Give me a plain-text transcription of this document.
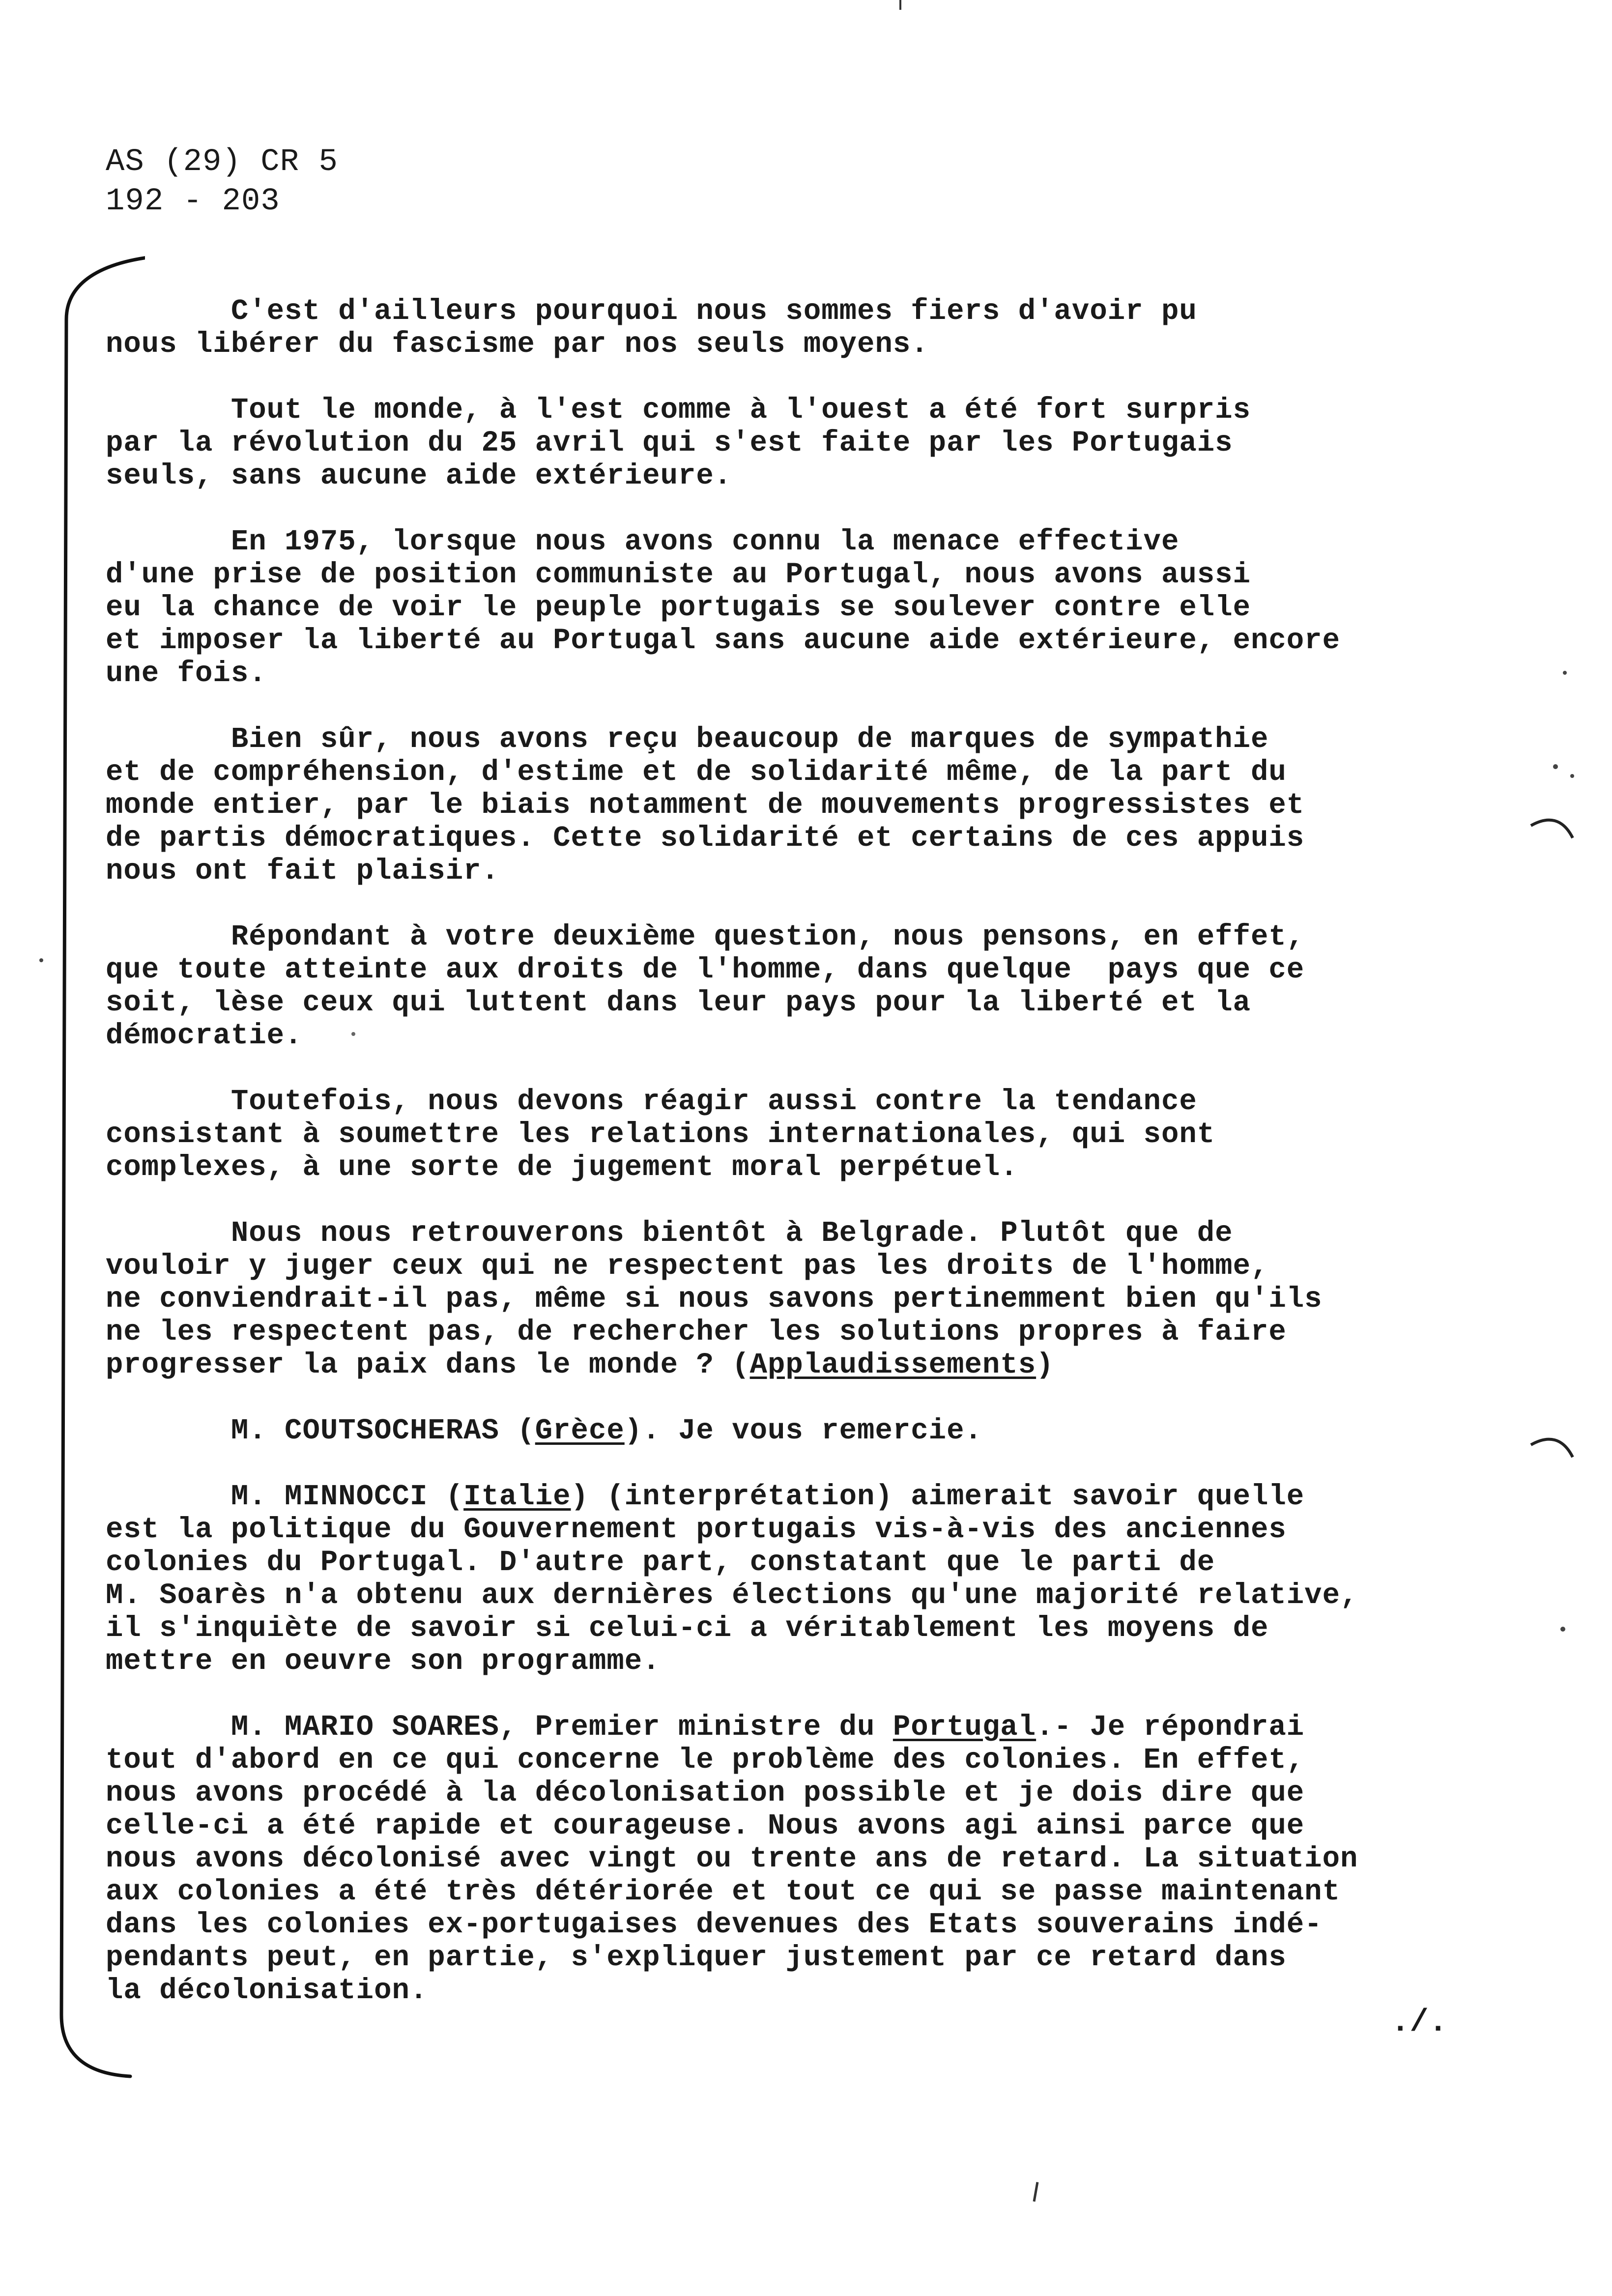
AS (29) CR 5
192 - 203
C'est d'ailleurs pourquoi nous sommes fiers d'avoir pu
nous libérer du fascisme par nos seuls moyens.
Tout le monde, à l'est comme à l'ouest a été fort surpris
par la révolution du 25 avril qui s'est faite par les Portugais
seuls, sans aucune aide extérieure.
En 1975, lorsque nous avons connu la menace effective
d'une prise de position communiste au Portugal, nous avons aussi
eu la chance de voir le peuple portugais se soulever contre elle
et imposer la liberté au Portugal sans aucune aide extérieure, encore
une fois.
Bien sûr, nous avons reçu beaucoup de marques de sympathie
et de compréhension, d'estime et de solidarité même, de la part du
monde entier, par le biais notamment de mouvements progressistes et
de partis démocratiques. Cette solidarité et certains de ces appuis
nous ont fait plaisir.
Répondant à votre deuxième question, nous pensons, en effet,
que toute atteinte aux droits de l'homme, dans quelque  pays que ce
soit, lèse ceux qui luttent dans leur pays pour la liberté et la
démocratie.
Toutefois, nous devons réagir aussi contre la tendance
consistant à soumettre les relations internationales, qui sont
complexes, à une sorte de jugement moral perpétuel.
Nous nous retrouverons bientôt à Belgrade. Plutôt que de
vouloir y juger ceux qui ne respectent pas les droits de l'homme,
ne conviendrait-il pas, même si nous savons pertinemment bien qu'ils
ne les respectent pas, de rechercher les solutions propres à faire
progresser la paix dans le monde ? (Applaudissements)
M. COUTSOCHERAS (Grèce). Je vous remercie.
M. MINNOCCI (Italie) (interprétation) aimerait savoir quelle
est la politique du Gouvernement portugais vis-à-vis des anciennes
colonies du Portugal. D'autre part, constatant que le parti de
M. Soarès n'a obtenu aux dernières élections qu'une majorité relative,
il s'inquiète de savoir si celui-ci a véritablement les moyens de
mettre en oeuvre son programme.
M. MARIO SOARES, Premier ministre du Portugal.- Je répondrai
tout d'abord en ce qui concerne le problème des colonies. En effet,
nous avons procédé à la décolonisation possible et je dois dire que
celle-ci a été rapide et courageuse. Nous avons agi ainsi parce que
nous avons décolonisé avec vingt ou trente ans de retard. La situation
aux colonies a été très détériorée et tout ce qui se passe maintenant
dans les colonies ex-portugaises devenues des Etats souverains indé-
pendants peut, en partie, s'expliquer justement par ce retard dans
la décolonisation.
./.
